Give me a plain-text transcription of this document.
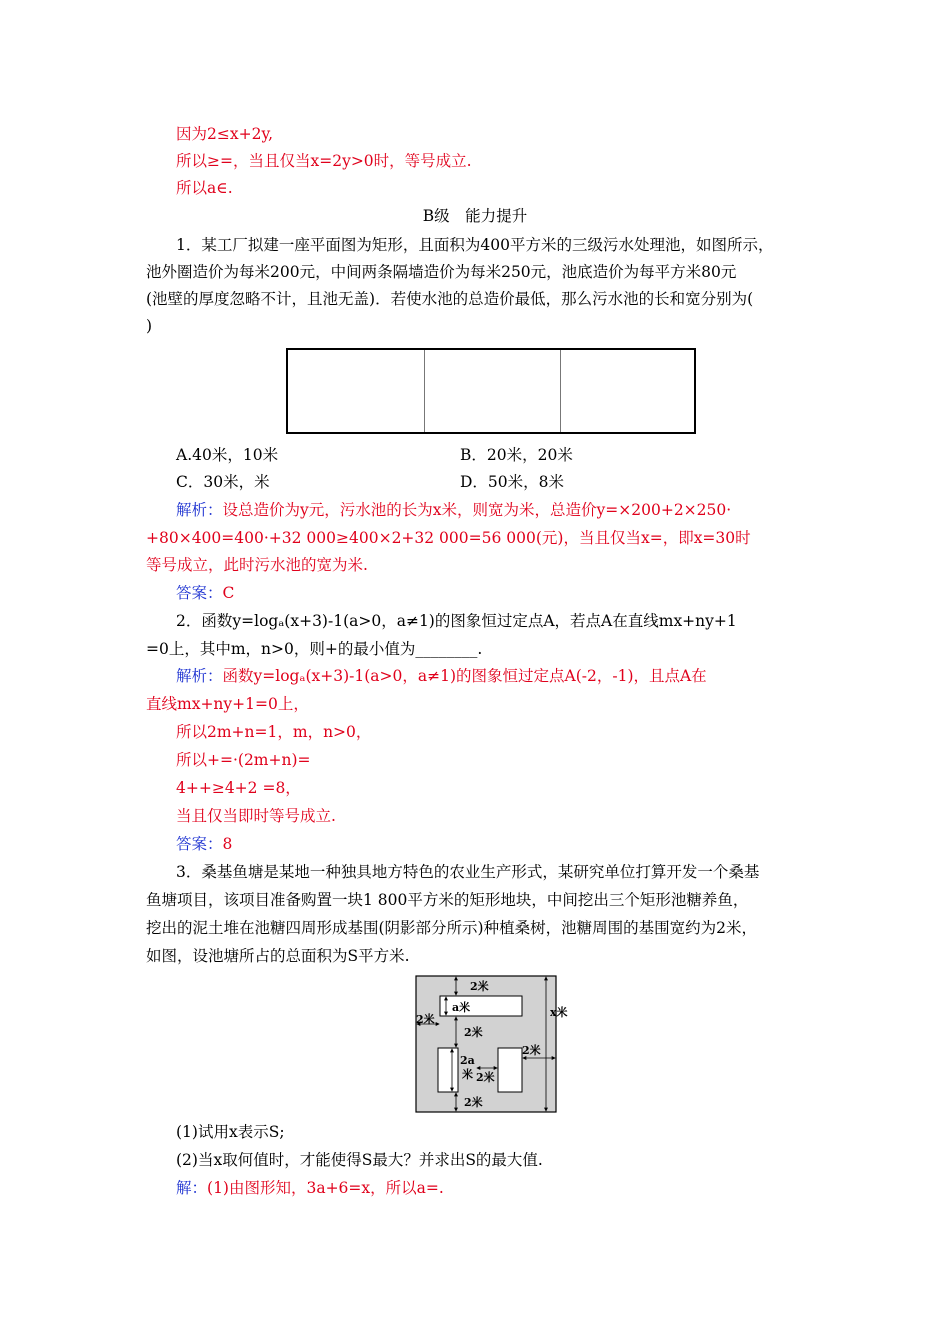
因为2≤x+2y,
所以≥=，当且仅当x=2y>0时，等号成立.
所以a∈.
B级　能力提升
1．某工厂拟建一座平面图为矩形，且面积为400平方米的三级污水处理池，如图所示，
池外圈造价为每米200元，中间两条隔墙造价为每米250元，池底造价为每平方米80元
(池壁的厚度忽略不计，且池无盖)．若使水池的总造价最低，那么污水池的长和宽分别为(
)
A.40米，10米	B．20米，20米
C．30米，米	D．50米，8米
解析：设总造价为y元，污水池的长为x米，则宽为米，总造价y=×200+2×250·
+80×400=400·+32 000≥400×2+32 000=56 000(元)，当且仅当x=，即x=30时
等号成立，此时污水池的宽为米.
答案：C
2．函数y=logₐ(x+3)-1(a>0，a≠1)的图象恒过定点A，若点A在直线mx+ny+1
=0上，其中m，n>0，则+的最小值为________.
解析：函数y=logₐ(x+3)-1(a>0，a≠1)的图象恒过定点A(-2，-1)，且点A在
直线mx+ny+1=0上，
所以2m+n=1，m，n>0，
所以+=·(2m+n)=
4++≥4+2 =8，
当且仅当即时等号成立.
答案：8
3．桑基鱼塘是某地一种独具地方特色的农业生产形式，某研究单位打算开发一个桑基
鱼塘项目，该项目准备购置一块1 800平方米的矩形地块，中间挖出三个矩形池糖养鱼，
挖出的泥土堆在池糖四周形成基围(阴影部分所示)种植桑树，池糖周围的基围宽约为2米，
如图，设池塘所占的总面积为S平方米.
2米
a米
2米
2米
2a
米 2米
2米
2米
x米
(1)试用x表示S;
(2)当x取何值时，才能使得S最大？并求出S的最大值.
解：(1)由图形知，3a+6=x，所以a=.
